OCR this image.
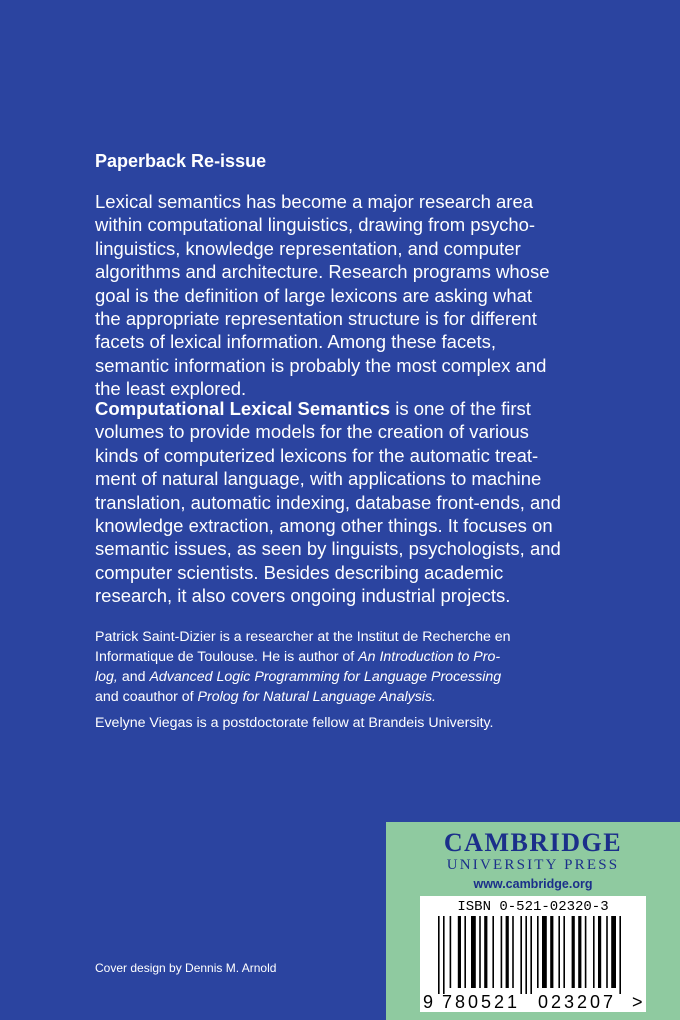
Paperback Re-issue

Lexical semantics has become a major research area
within computational linguistics, drawing from psycho-
linguistics, knowledge representation, and computer
algorithms and architecture. Research programs whose
goal is the definition of large lexicons are asking what
the appropriate representation structure is for different
facets of lexical information. Among these facets,
semantic information is probably the most complex and
the least explored.

Computational Lexical Semantics is one of the first
volumes to provide models for the creation of various
kinds of computerized lexicons for the automatic treat-
ment of natural language, with applications to machine
translation, automatic indexing, database front-ends, and
knowledge extraction, among other things. It focuses on
semantic issues, as seen by linguists, psychologists, and
computer scientists. Besides describing academic
research, it also covers ongoing industrial projects.

Patrick Saint-Dizier is a researcher at the Institut de Recherche en
Informatique de Toulouse. He is author of An Introduction to Pro-
log, and Advanced Logic Programming for Language Processing
and coauthor of Prolog for Natural Language Analysis.

Evelyne Viegas is a postdoctorate fellow at Brandeis University.

Cover design by Dennis M. Arnold

CAMBRIDGE
UNIVERSITY PRESS
www.cambridge.org
ISBN 0-521-02320-3
9 780521 023207 >
